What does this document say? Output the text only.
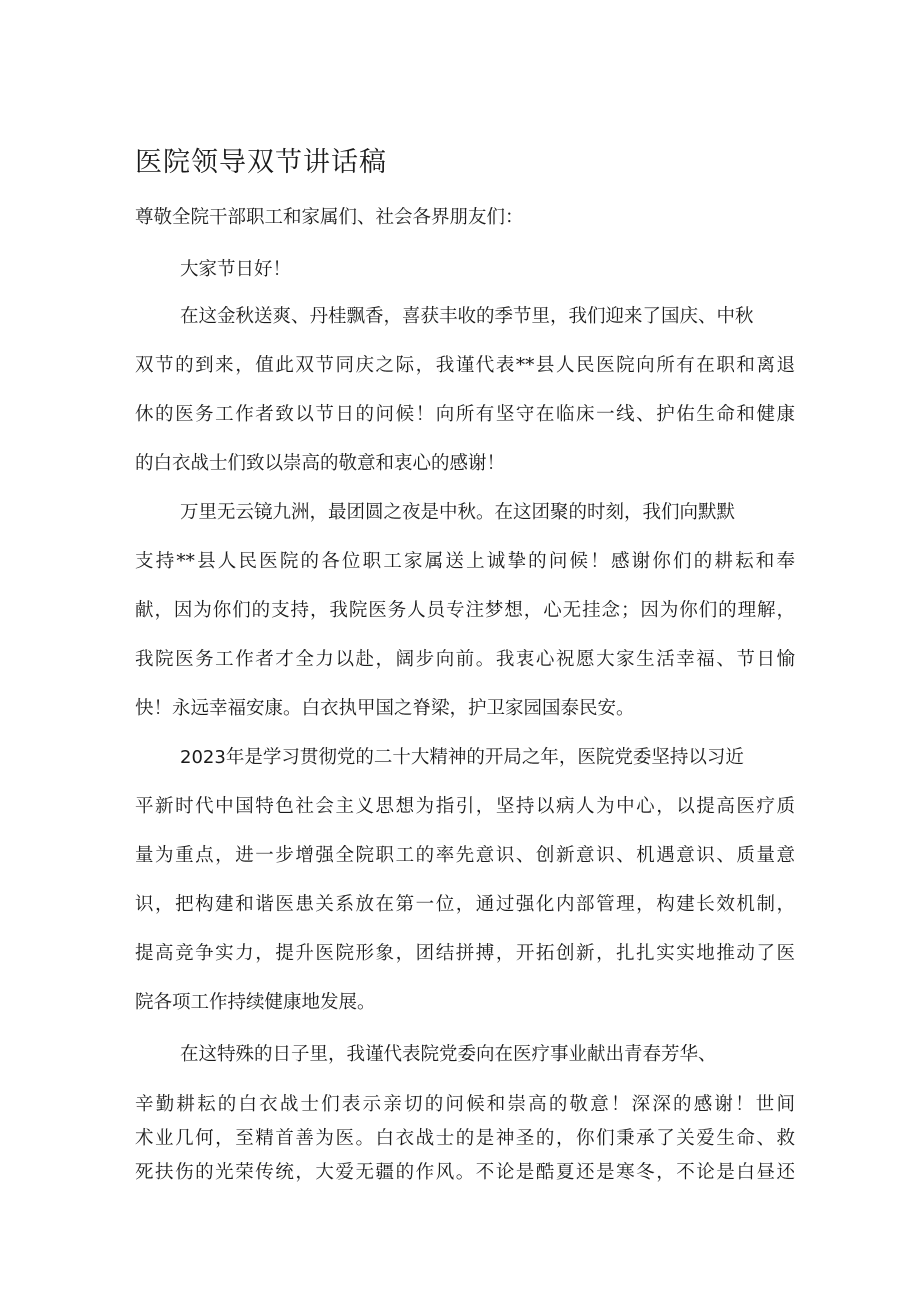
医院领导双节讲话稿

尊敬全院干部职工和家属们、社会各界朋友们：

大家节日好！

在这金秋送爽、丹桂飘香，喜获丰收的季节里，我们迎来了国庆、中秋

双节的到来，值此双节同庆之际，我谨代表**县人民医院向所有在职和离退

休的医务工作者致以节日的问候！向所有坚守在临床一线、护佑生命和健康

的白衣战士们致以崇高的敬意和衷心的感谢！

万里无云镜九洲，最团圆之夜是中秋。在这团聚的时刻，我们向默默

支持**县人民医院的各位职工家属送上诚挚的问候！感谢你们的耕耘和奉

献，因为你们的支持，我院医务人员专注梦想，心无挂念；因为你们的理解，

我院医务工作者才全力以赴，阔步向前。我衷心祝愿大家生活幸福、节日愉

快！永远幸福安康。白衣执甲国之脊梁，护卫家园国泰民安。

2023年是学习贯彻党的二十大精神的开局之年，医院党委坚持以习近

平新时代中国特色社会主义思想为指引，坚持以病人为中心，以提高医疗质

量为重点，进一步增强全院职工的率先意识、创新意识、机遇意识、质量意

识，把构建和谐医患关系放在第一位，通过强化内部管理，构建长效机制，

提高竞争实力，提升医院形象，团结拼搏，开拓创新，扎扎实实地推动了医

院各项工作持续健康地发展。

在这特殊的日子里，我谨代表院党委向在医疗事业献出青春芳华、

辛勤耕耘的白衣战士们表示亲切的问候和崇高的敬意！深深的感谢！世间

术业几何，至精首善为医。白衣战士的是神圣的，你们秉承了关爱生命、救

死扶伤的光荣传统，大爱无疆的作风。不论是酷夏还是寒冬，不论是白昼还
